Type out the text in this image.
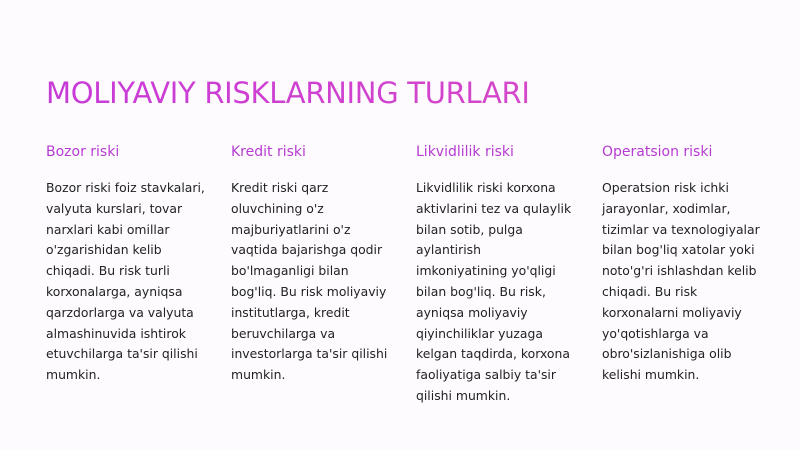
MOLIYAVIY RISKLARNING TURLARI
Bozor riski

Bozor riski foiz stavkalari, valyuta kurslari, tovar narxlari kabi omillar o'zgarishidan kelib chiqadi. Bu risk turli korxonalarga, ayniqsa qarzdorlarga va valyuta almashinuvida ishtirok etuvchilarga ta'sir qilishi mumkin.

Kredit riski

Kredit riski qarz oluvchining o'z majburiyatlarini o'z vaqtida bajarishga qodir bo'lmaganligi bilan bog'liq. Bu risk moliyaviy institutlarga, kredit beruvchilarga va investorlarga ta'sir qilishi mumkin.

Likvidlilik riski

Likvidlilik riski korxona aktivlarini tez va qulaylik bilan sotib, pulga aylantirish imkoniyatining yo'qligi bilan bog'liq. Bu risk, ayniqsa moliyaviy qiyinchiliklar yuzaga kelgan taqdirda, korxona faoliyatiga salbiy ta'sir qilishi mumkin.

Operatsion riski

Operatsion risk ichki jarayonlar, xodimlar, tizimlar va texnologiyalar bilan bog'liq xatolar yoki noto'g'ri ishlashdan kelib chiqadi. Bu risk korxonalarni moliyaviy yo'qotishlarga va obro'sizlanishiga olib kelishi mumkin.
